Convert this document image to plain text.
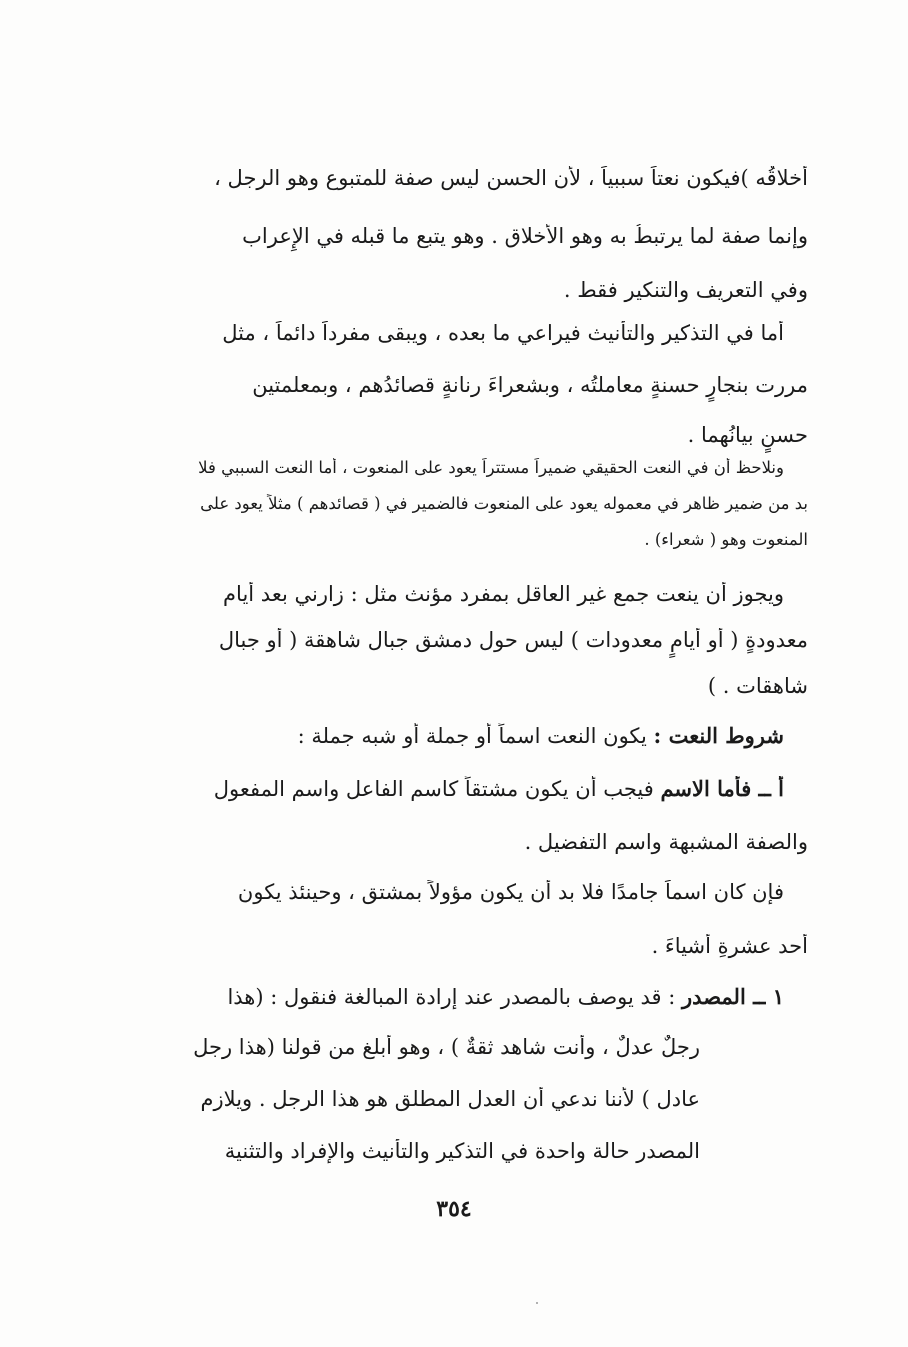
أخلاقُه )فيكون نعتاً سببياً ، لأن الحسن ليس صفة للمتبوع وهو الرجل ،
وإنما صفة لما يرتبطُ به وهو الأَخلاق . وهو يتبع ما قبله في الإِعراب
وفي التعريف والتنكير فقط .
أما في التذكير والتأْنيث فيراعي ما بعده ، ويبقى مفرداً دائماً ، مثل
مررت بنجارٍ حسنةٍ معاملتُه ، وبشعراءَ رنانةٍ قصائدُهم ، وبمعلمتين
حسنٍ بيانُهما .
ونلاحظ أن في النعت الحقيقي ضميراً مستتراً يعود على المنعوت ، أما النعت السببي فلا
بد من ضمير ظاهر في معموله يعود على المنعوت فالضمير في ( قصائدهم ) مثلاً يعود على
المنعوت وهو ( شعراء) .
ويجوز أن ينعت جمع غير العاقل بمفرد مؤنث مثل : زارني بعد أيام
معدودةٍ ( أو أيامٍ معدودات ) ليس حول دمشق جبال شاهقة ( أو جبال
شاهقات . )
شروط النعت : يكون النعت اسماً أو جملة أو شبه جملة :
أ ــ فأما الاسم فيجب أن يكون مشتقاً كاسم الفاعل واسم المفعول
والصفة المشبهة واسم التفضيل .
فإن كان اسماً جامدًا فلا بد أن يكون مؤولاً بمشتق ، وحينئذ يكون
أحد عشرةِ أشياءَ .
١ ــ المصدر : قد يوصف بالمصدر عند إرادة المبالغة فنقول : (هذا
رجلٌ عدلٌ ، وأنت شاهد ثقةٌ ) ، وهو أبلغ من قولنا (هذا رجل
عادل ) لأَننا ندعي أن العدل المطلق هو هذا الرجل . ويلازم
المصدر حالة واحدة في التذكير والتأْنيث والإفراد والتثنية
٣٥٤
